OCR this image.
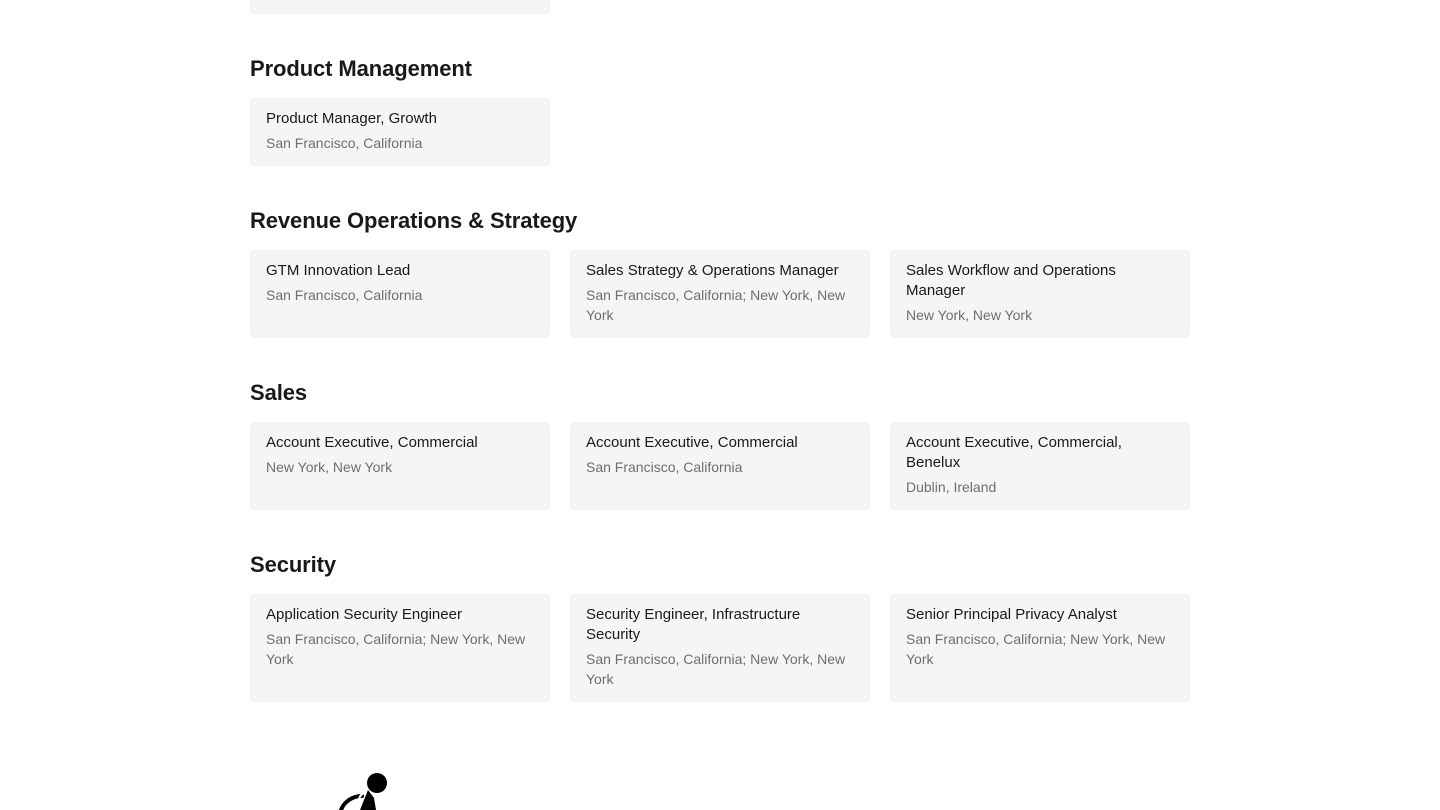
Product Management
Product Manager, Growth
San Francisco, California
Revenue Operations & Strategy
GTM Innovation Lead
San Francisco, California
Sales Strategy & Operations Manager
San Francisco, California; New York, New York
Sales Workflow and Operations Manager
New York, New York
Sales
Account Executive, Commercial
New York, New York
Account Executive, Commercial
San Francisco, California
Account Executive, Commercial, Benelux
Dublin, Ireland
Security
Application Security Engineer
San Francisco, California; New York, New York
Security Engineer, Infrastructure Security
San Francisco, California; New York, New York
Senior Principal Privacy Analyst
San Francisco, California; New York, New York
